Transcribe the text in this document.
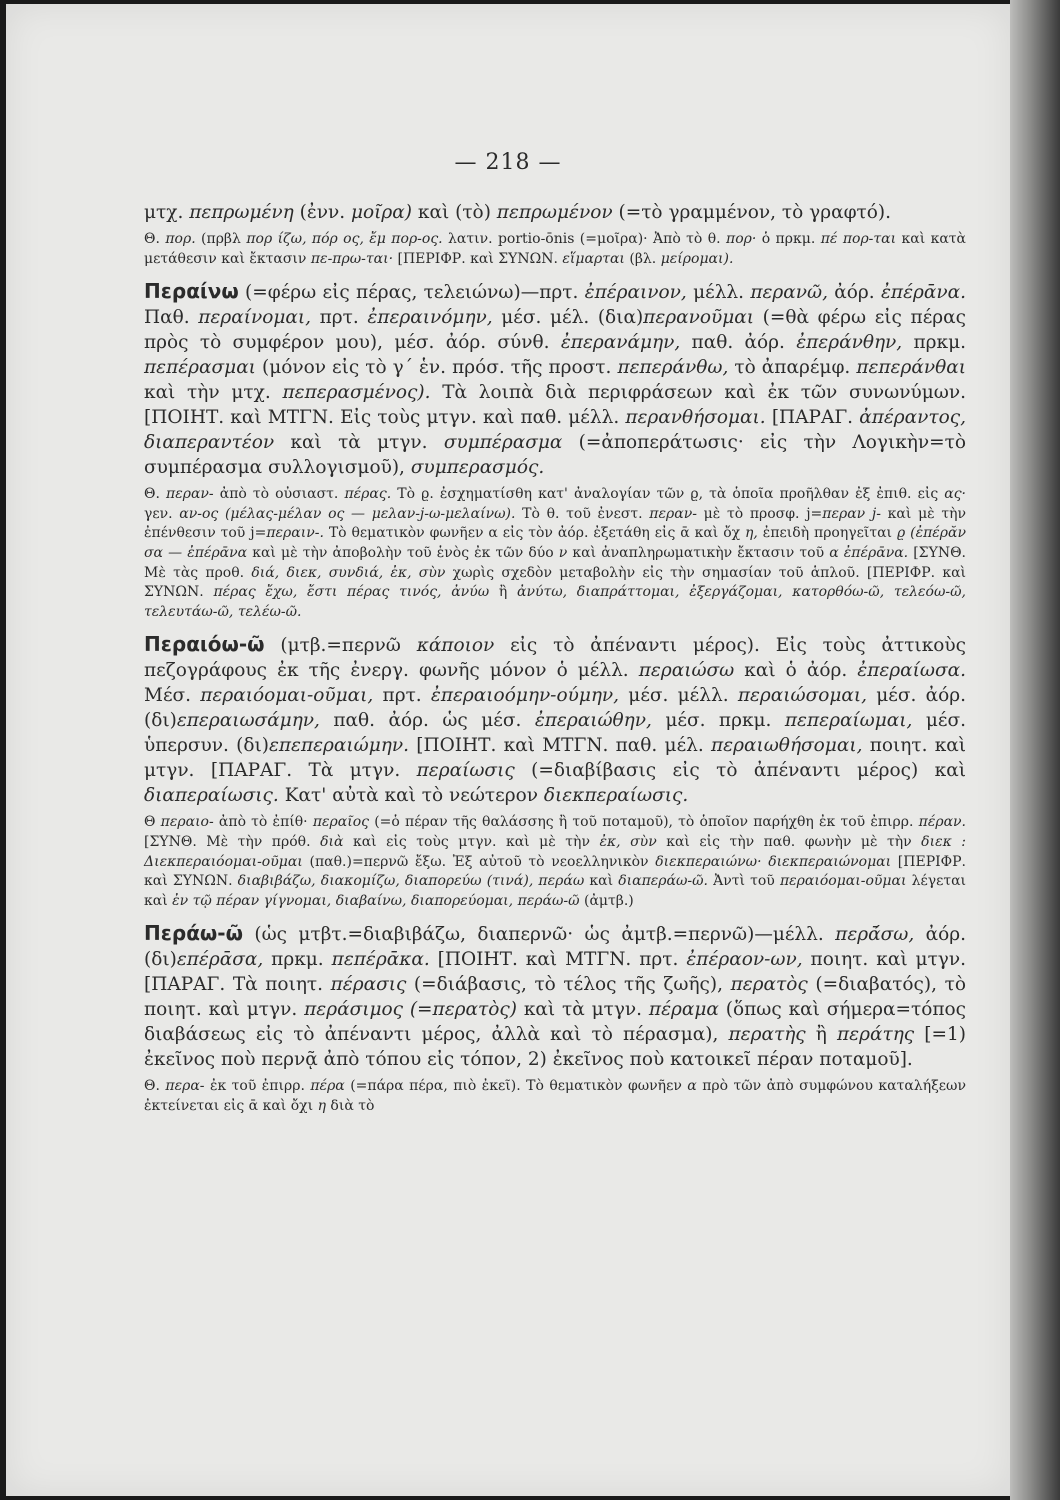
— 218 —

μτχ. πεπρωμένη (ἐνν. μοῖρα) καὶ (τὸ) πεπρωμένον (=τὸ γραμμένον, τὸ γραφτό).

Θ. πορ. (πρβλ πορ ίζω, πόρ ος, ἔμ πορ-ος. λατιν. portio-ōnis (=μοῖρα)· Ἀπὸ τὸ θ. πορ· ὁ πρκμ. πέ πορ-ται καὶ κατὰ μετάθεσιν καὶ ἔκτασιν πε-πρω-ται· [ΠΕΡΙΦΡ. καὶ ΣΥΝΩΝ. εἵμαρται (βλ. μείρομαι).

Περαίνω (=φέρω εἰς πέρας, τελειώνω)—πρτ. ἐπέραινον, μέλλ. περανῶ, ἀόρ. ἐπέρᾱνα. Παθ. περαίνομαι, πρτ. ἐπεραινόμην, μέσ. μέλ. (δια)περανοῦμαι (=θὰ φέρω εἰς πέρας πρὸς τὸ συμφέρον μου), μέσ. ἀόρ. σύνθ. ἐπερανάμην, παθ. ἀόρ. ἐπεράνθην, πρκμ. πεπέρασμαι (μόνον εἰς τὸ γ΄ ἑν. πρόσ. τῆς προστ. πεπεράνθω, τὸ ἀπαρέμφ. πεπεράνθαι καὶ τὴν μτχ. πεπερασμένος). Τὰ λοιπὰ διὰ περιφράσεων καὶ ἐκ τῶν συνωνύμων. [ΠΟΙΗΤ. καὶ ΜΤΓΝ. Εἰς τοὺς μτγν. καὶ παθ. μέλλ. περανθήσομαι. [ΠΑΡΑΓ. ἀπέραντος, διαπεραντέον καὶ τὰ μτγν. συμπέρασμα (=ἀποπεράτωσις· εἰς τὴν Λογικὴν=τὸ συμπέρασμα συλλογισμοῦ), συμπερασμός.

Θ. περαν- ἀπὸ τὸ οὐσιαστ. πέρας. Τὸ ϱ. ἐσχηματίσθη κατ' ἀναλογίαν τῶν ϱ, τὰ ὁποῖα προῆλθαν ἐξ ἐπιθ. εἰς ας· γεν. αν-ος (μέλας-μέλαν ος — μελαν-j-ω-μελαίνω). Τὸ θ. τοῦ ἐνεστ. περαν- μὲ τὸ προσφ. j=περαν j- καὶ μὲ τὴν ἐπένθεσιν τοῦ j=περαιν-. Τὸ θεματικὸν φωνῆεν α εἰς τὸν ἀόρ. ἐξετάθη εἰς ᾱ καὶ ὄχ η, ἐπειδὴ προηγεῖται ϱ (ἐπέρᾰν σα — ἐπέρᾱνα καὶ μὲ τὴν ἀποβολὴν τοῦ ἑνὸς ἐκ τῶν δύο ν καὶ ἀναπληρωματικὴν ἔκτασιν τοῦ α ἐπέρᾱνα. [ΣΥΝΘ. Μὲ τὰς προθ. διά, διεκ, συνδιά, ἐκ, σὺν χωρὶς σχεδὸν μεταβολὴν εἰς τὴν σημασίαν τοῦ ἁπλοῦ. [ΠΕΡΙΦΡ. καὶ ΣΥΝΩΝ. πέρας ἔχω, ἔστι πέρας τινός, ἀνύω ἢ ἀνύτω, διαπράττομαι, ἐξεργάζομαι, κατορθόω-ῶ, τελεόω-ῶ, τελευτάω-ῶ, τελέω-ῶ.

Περαιόω-ῶ (μτβ.=περνῶ κάποιον εἰς τὸ ἀπέναντι μέρος). Εἰς τοὺς ἀττικοὺς πεζογράφους ἐκ τῆς ἐνεργ. φωνῆς μόνον ὁ μέλλ. περαιώσω καὶ ὁ ἀόρ. ἐπεραίωσα. Μέσ. περαιόομαι-οῦμαι, πρτ. ἐπεραιοόμην-ούμην, μέσ. μέλλ. περαιώσομαι, μέσ. ἀόρ. (δι)επεραιωσάμην, παθ. ἀόρ. ὡς μέσ. ἐπεραιώθην, μέσ. πρκμ. πεπεραίωμαι, μέσ. ὑπερσυν. (δι)επεπεραιώμην. [ΠΟΙΗΤ. καὶ ΜΤΓΝ. παθ. μέλ. περαιωθήσομαι, ποιητ. καὶ μτγν. [ΠΑΡΑΓ. Τὰ μτγν. περαίωσις (=διαβίβασις εἰς τὸ ἀπέναντι μέρος) καὶ διαπεραίωσις. Κατ' αὐτὰ καὶ τὸ νεώτερον διεκπεραίωσις.

Θ περαιο- ἀπὸ τὸ ἐπίθ· περαῖος (=ὁ πέραν τῆς θαλάσσης ἢ τοῦ ποταμοῦ), τὸ ὁποῖον παρήχθη ἐκ τοῦ ἐπιρρ. πέραν. [ΣΥΝΘ. Μὲ τὴν πρόθ. διὰ καὶ εἰς τοὺς μτγν. καὶ μὲ τὴν ἐκ, σὺν καὶ εἰς τὴν παθ. φωνὴν μὲ τὴν διεκ : Διεκπεραιόομαι-οῦμαι (παθ.)=περνῶ ἔξω. Ἐξ αὐτοῦ τὸ νεοελληνικὸν διεκπεραιώνω· διεκπεραιώνομαι [ΠΕΡΙΦΡ. καὶ ΣΥΝΩΝ. διαβιβάζω, διακομίζω, διαπορεύω (τινά), περάω καὶ διαπεράω-ῶ. Ἀντὶ τοῦ περαιόομαι-οῦμαι λέγεται καὶ ἐν τῷ πέραν γίγνομαι, διαβαίνω, διαπορεύομαι, περάω-ῶ (ἀμτβ.)

Περάω-ῶ (ὡς μτβτ.=διαβιβάζω, διαπερνῶ· ὡς ἀμτβ.=περνῶ)—μέλλ. περᾱ́σω, ἀόρ. (δι)επέρᾱσα, πρκμ. πεπέρᾱκα. [ΠΟΙΗΤ. καὶ ΜΤΓΝ. πρτ. ἐπέραον-ων, ποιητ. καὶ μτγν. [ΠΑΡΑΓ. Τὰ ποιητ. πέρασις (=διάβασις, τὸ τέλος τῆς ζωῆς), περατὸς (=διαβατός), τὸ ποιητ. καὶ μτγν. περάσιμος (=περατὸς) καὶ τὰ μτγν. πέραμα (ὅπως καὶ σήμερα=τόπος διαβάσεως εἰς τὸ ἀπέναντι μέρος, ἀλλὰ καὶ τὸ πέρασμα), περατὴς ἢ περάτης [=1) ἐκεῖνος ποὺ περνᾷ ἀπὸ τόπου εἰς τόπον, 2) ἐκεῖνος ποὺ κατοικεῖ πέραν ποταμοῦ].

Θ. περα- ἐκ τοῦ ἐπιρρ. πέρα (=πάρα πέρα, πιὸ ἐκεῖ). Τὸ θεματικὸν φωνῆεν α πρὸ τῶν ἀπὸ συμφώνου καταλήξεων ἐκτείνεται εἰς ᾱ καὶ ὄχι η διὰ τὸ
